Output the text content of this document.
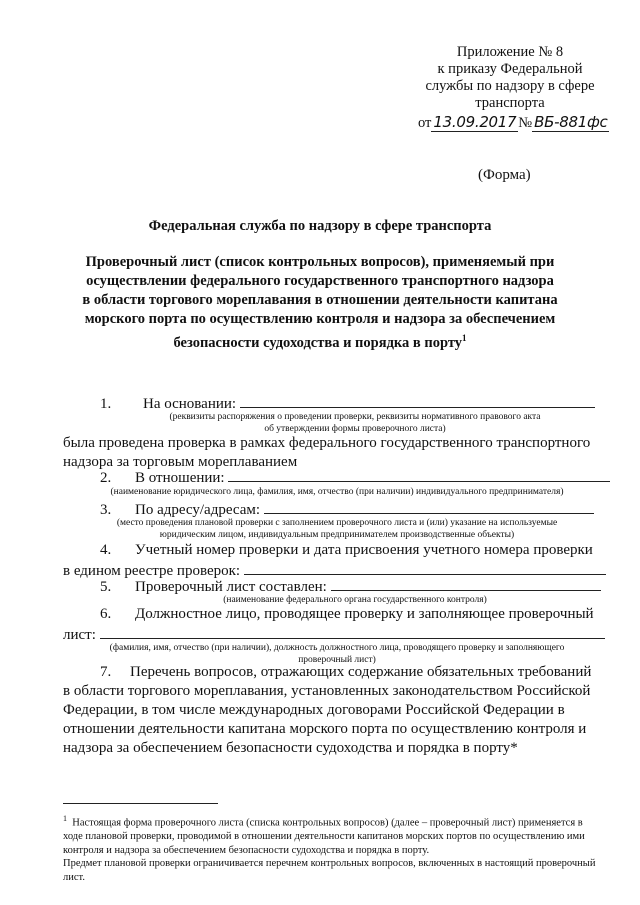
Приложение № 8
к приказу Федеральной
службы по надзору в сфере
транспорта
от 13.09.2017 № ВБ-881фс
(Форма)
Федеральная служба по надзору в сфере транспорта
Проверочный лист (список контрольных вопросов), применяемый при
осуществлении федерального государственного транспортного надзора
в области торгового мореплавания в отношении деятельности капитана
морского порта по осуществлению контроля и надзора за обеспечением
безопасности судоходства и порядка в порту$^1$
1. На основании:
(реквизиты распоряжения о проведении проверки, реквизиты нормативного правового акта
об утверждении формы проверочного листа)
была проведена проверка в рамках федерального государственного транспортного
надзора за торговым мореплаванием
2. В отношении:
(наименование юридического лица, фамилия, имя, отчество (при наличии) индивидуального предпринимателя)
3. По адресу/адресам:
(место проведения плановой проверки с заполнением проверочного листа и (или) указание на используемые
юридическим лицом, индивидуальным предпринимателем производственные объекты)
4. Учетный номер проверки и дата присвоения учетного номера проверки
в едином реестре проверок:
5. Проверочный лист составлен:
(наименование федерального органа государственного контроля)
6. Должностное лицо, проводящее проверку и заполняющее проверочный
лист:
(фамилия, имя, отчество (при наличии), должность должностного лица, проводящего проверку и заполняющего
проверочный лист)
7. Перечень вопросов, отражающих содержание обязательных требований
в области торгового мореплавания, установленных законодательством Российской
Федерации, в том числе международных договорами Российской Федерации в
отношении деятельности капитана морского порта по осуществлению контроля и
надзора за обеспечением безопасности судоходства и порядка в порту*
$^1$ Настоящая форма проверочного листа (списка контрольных вопросов) (далее – проверочный лист) применяется в
ходе плановой проверки, проводимой в отношении деятельности капитанов морских портов по осуществлению ими
контроля и надзора за обеспечением безопасности судоходства и порядка в порту.
Предмет плановой проверки ограничивается перечнем контрольных вопросов, включенных в настоящий проверочный
лист.
